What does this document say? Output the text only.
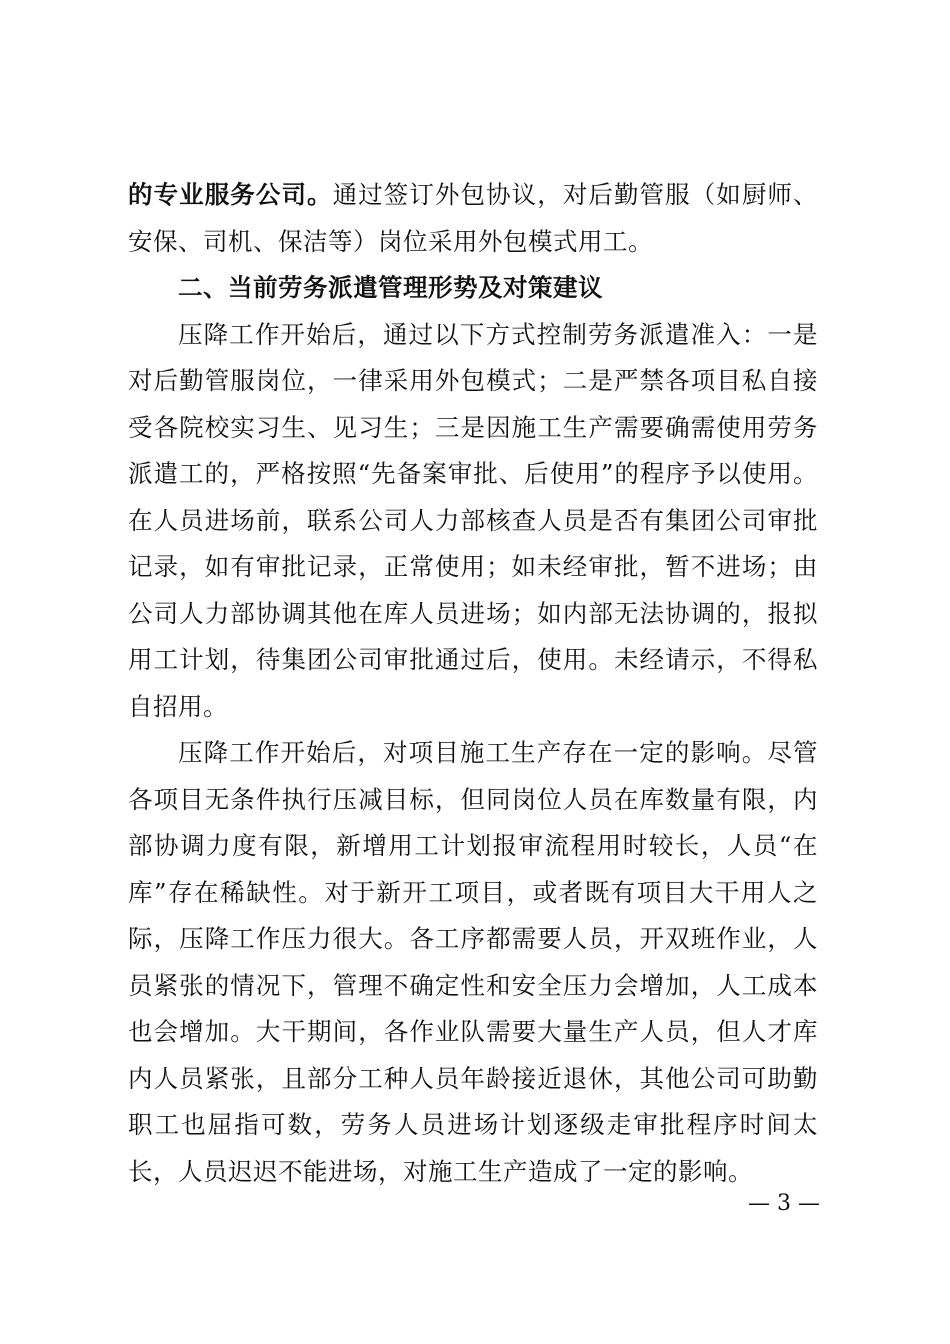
的专业服务公司。通过签订外包协议，对后勤管服（如厨师、安保、司机、保洁等）岗位采用外包模式用工。

二、当前劳务派遣管理形势及对策建议

压降工作开始后，通过以下方式控制劳务派遣准入：一是对后勤管服岗位，一律采用外包模式；二是严禁各项目私自接受各院校实习生、见习生；三是因施工生产需要确需使用劳务派遣工的，严格按照“先备案审批、后使用”的程序予以使用。在人员进场前，联系公司人力部核查人员是否有集团公司审批记录，如有审批记录，正常使用；如未经审批，暂不进场；由公司人力部协调其他在库人员进场；如内部无法协调的，报拟用工计划，待集团公司审批通过后，使用。未经请示，不得私自招用。

压降工作开始后，对项目施工生产存在一定的影响。尽管各项目无条件执行压减目标，但同岗位人员在库数量有限，内部协调力度有限，新增用工计划报审流程用时较长，人员“在库”存在稀缺性。对于新开工项目，或者既有项目大干用人之际，压降工作压力很大。各工序都需要人员，开双班作业，人员紧张的情况下，管理不确定性和安全压力会增加，人工成本也会增加。大干期间，各作业队需要大量生产人员，但人才库内人员紧张，且部分工种人员年龄接近退休，其他公司可助勤职工也屈指可数，劳务人员进场计划逐级走审批程序时间太长，人员迟迟不能进场，对施工生产造成了一定的影响。

— 3 —
